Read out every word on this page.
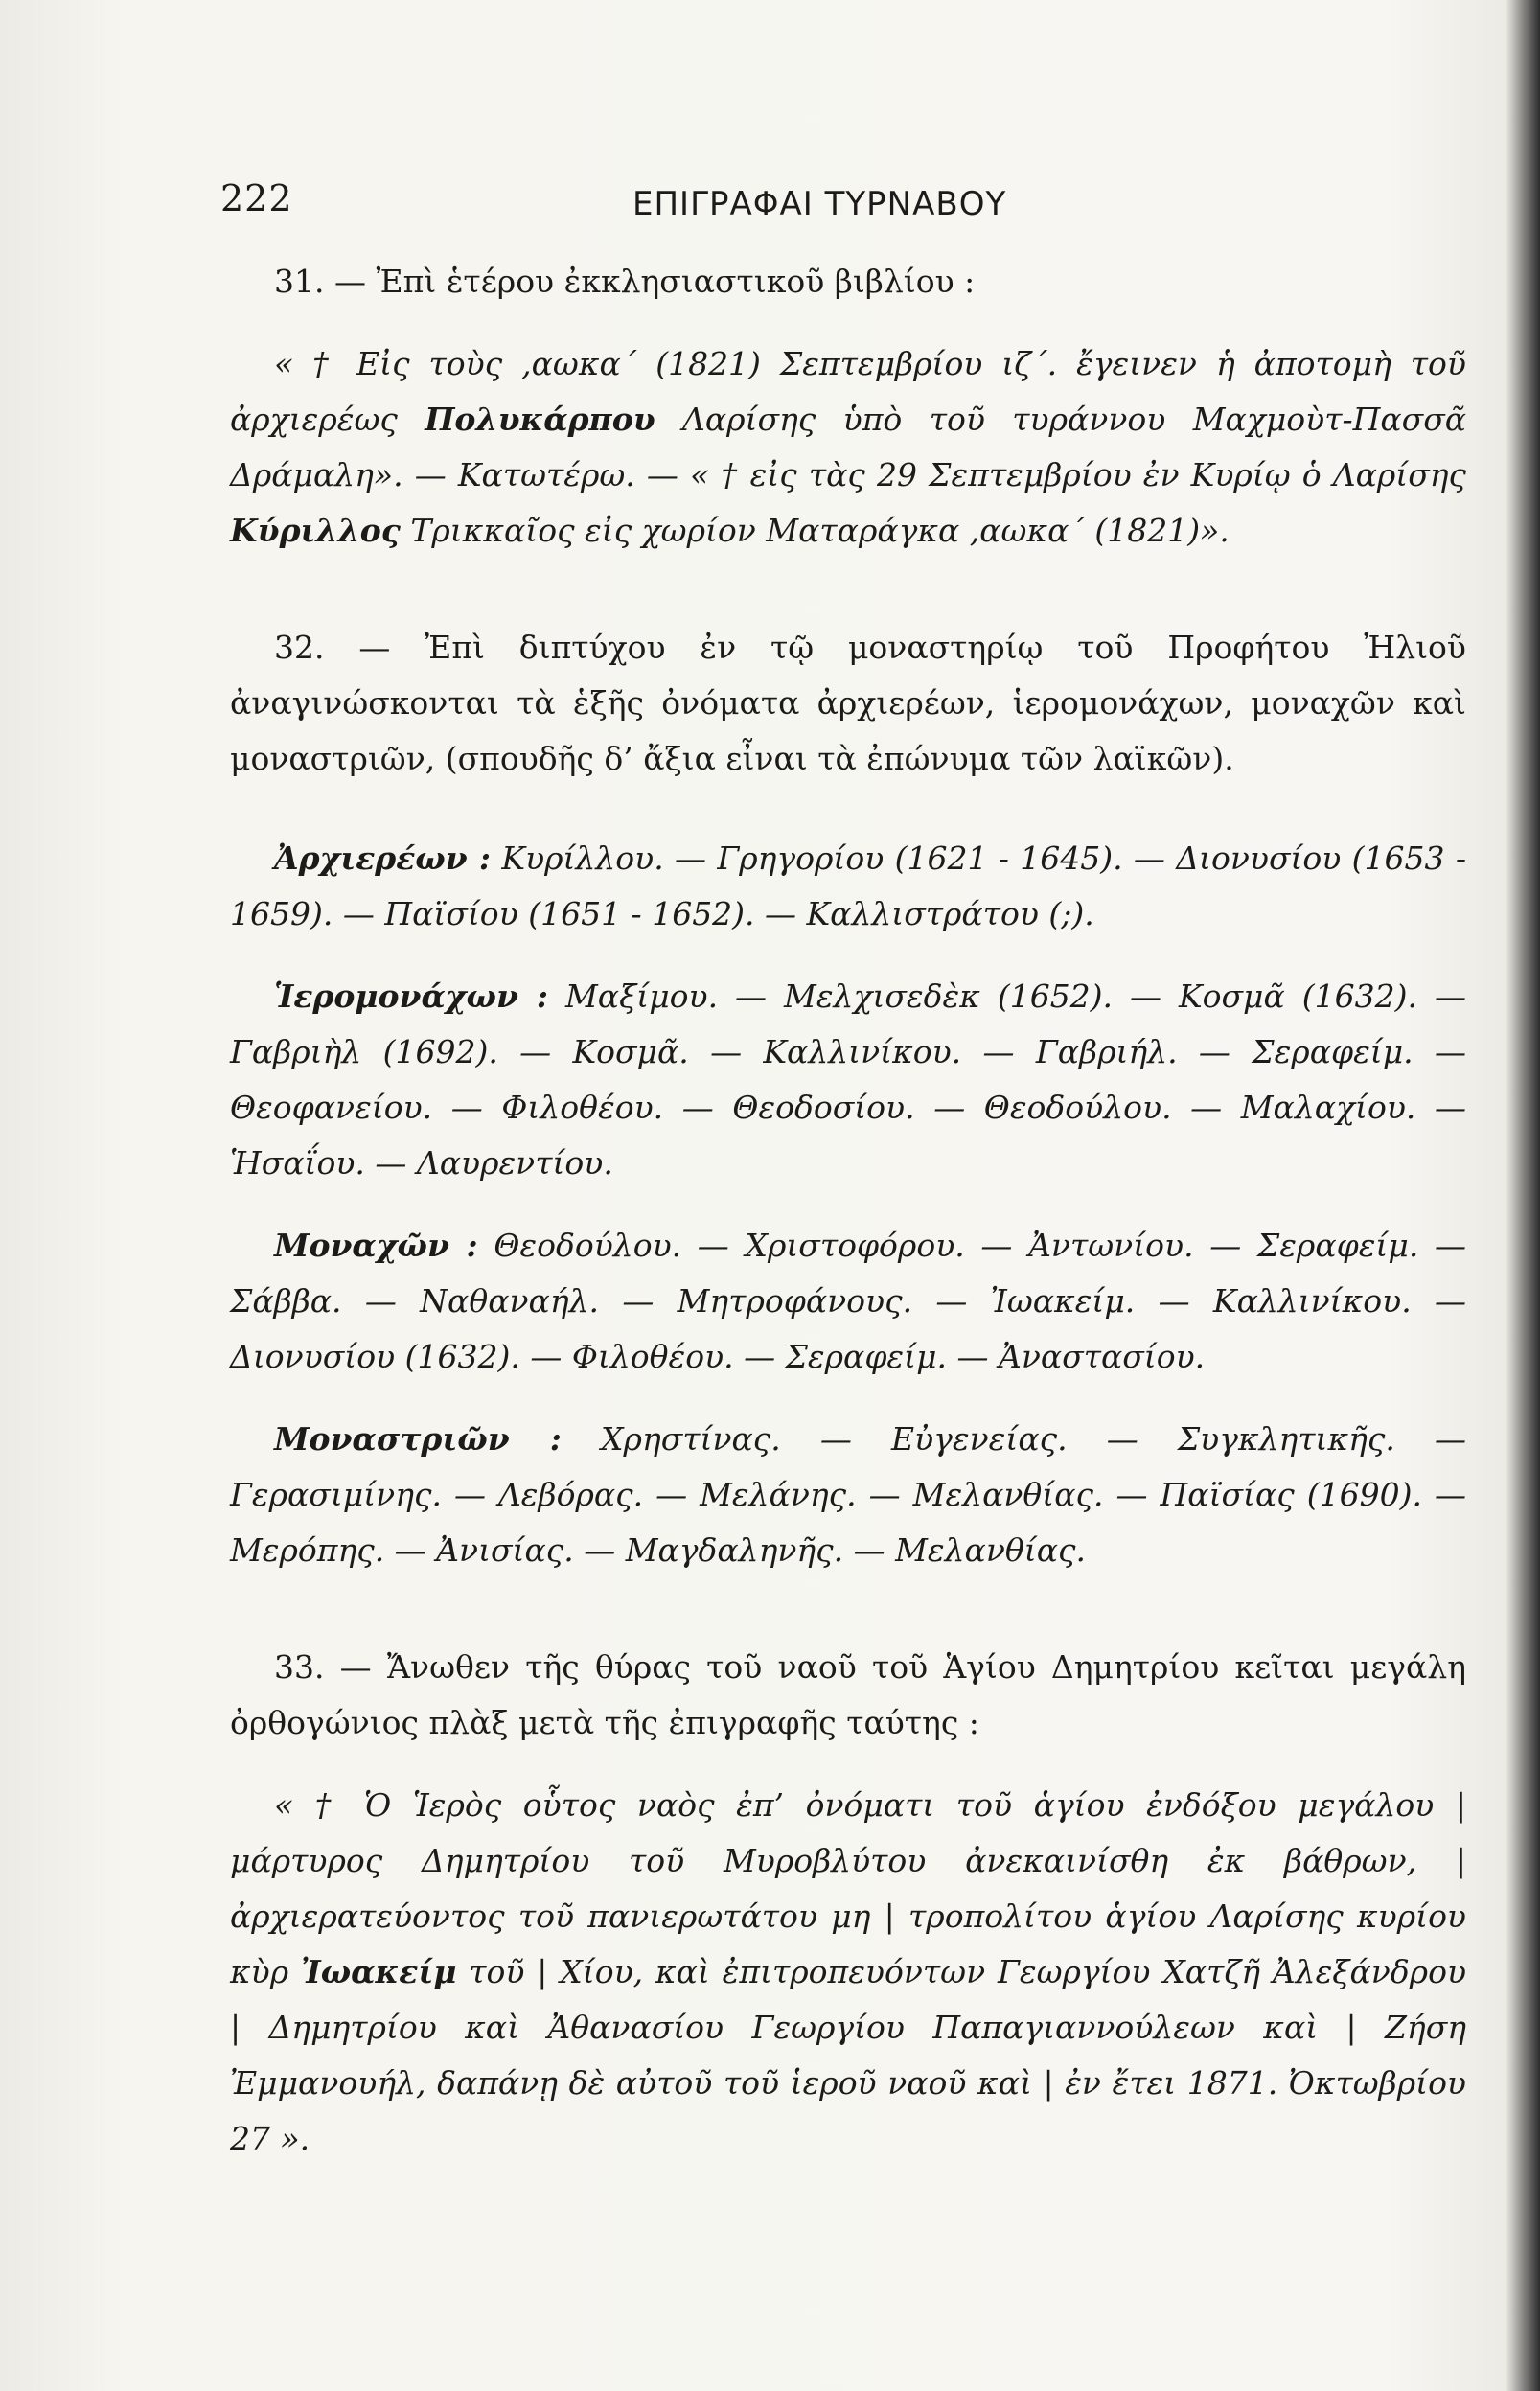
222	ΕΠΙΓΡΑΦΑΙ ΤΥΡΝΑΒΟΥ

31. — Ἐπὶ ἑτέρου ἐκκλησιαστικοῦ βιβλίου :

« † Εἰς τοὺς ,αωκα΄ (1821) Σεπτεμβρίου ιζ΄. ἔγεινεν ἡ ἀποτομὴ τοῦ ἀρχιερέως Πολυκάρπου Λαρίσης ὑπὸ τοῦ τυράννου Μαχμοὺτ-Πασσᾶ Δράμαλη». — Κατωτέρω. — « † εἰς τὰς 29 Σεπτεμβρίου ἐν Κυρίῳ ὁ Λαρίσης Κύριλλος Τρικκαῖος εἰς χωρίον Ματαράγκα ,αωκα΄ (1821)».

32. — Ἐπὶ διπτύχου ἐν τῷ μοναστηρίῳ τοῦ Προφήτου Ἠλιοῦ ἀναγινώσκονται τὰ ἑξῆς ὀνόματα ἀρχιερέων, ἱερομονάχων, μοναχῶν καὶ μοναστριῶν, (σπουδῆς δ’ ἄξια εἶναι τὰ ἐπώνυμα τῶν λαϊκῶν).

Ἀρχιερέων : Κυρίλλου. — Γρηγορίου (1621 - 1645). — Διονυσίου (1653 - 1659). — Παϊσίου (1651 - 1652). — Καλλιστράτου (;).

Ἱερομονάχων : Μαξίμου. — Μελχισεδὲκ (1652). — Κοσμᾶ (1632). — Γαβριὴλ (1692). — Κοσμᾶ. — Καλλινίκου. — Γαβριήλ. — Σεραφείμ. — Θεοφανείου. — Φιλοθέου. — Θεοδοσίου. — Θεοδούλου. — Μαλαχίου. — Ἡσαΐου. — Λαυρεντίου.

Μοναχῶν : Θεοδούλου. — Χριστοφόρου. — Ἀντωνίου. — Σεραφείμ. — Σάββα. — Ναθαναήλ. — Μητροφάνους. — Ἰωακείμ. — Καλλινίκου. — Διονυσίου (1632). — Φιλοθέου. — Σεραφείμ. — Ἀναστασίου.

Μοναστριῶν : Χρηστίνας. — Εὐγενείας. — Συγκλητικῆς. — Γερασιμίνης. — Λεβόρας. — Μελάνης. — Μελανθίας. — Παϊσίας (1690). — Μερόπης. — Ἀνισίας. — Μαγδαληνῆς. — Μελανθίας.

33. — Ἄνωθεν τῆς θύρας τοῦ ναοῦ τοῦ Ἁγίου Δημητρίου κεῖται μεγάλη ὀρθογώνιος πλὰξ μετὰ τῆς ἐπιγραφῆς ταύτης :

« † Ὁ Ἱερὸς οὗτος ναὸς ἐπ’ ὀνόματι τοῦ ἁγίου ἐνδόξου μεγάλου | μάρτυρος Δημητρίου τοῦ Μυροβλύτου ἀνεκαινίσθη ἐκ βάθρων, | ἀρχιερατεύοντος τοῦ πανιερωτάτου μη | τροπολίτου ἁγίου Λαρίσης κυρίου κὺρ Ἰωακείμ τοῦ | Χίου, καὶ ἐπιτροπευόντων Γεωργίου Χατζῆ Ἀλεξάνδρου | Δημητρίου καὶ Ἀθανασίου Γεωργίου Παπαγιαννούλεων καὶ | Ζήση Ἐμμανουήλ, δαπάνῃ δὲ αὐτοῦ τοῦ ἱεροῦ ναοῦ καὶ | ἐν ἔτει 1871. Ὀκτωβρίου 27 ».
